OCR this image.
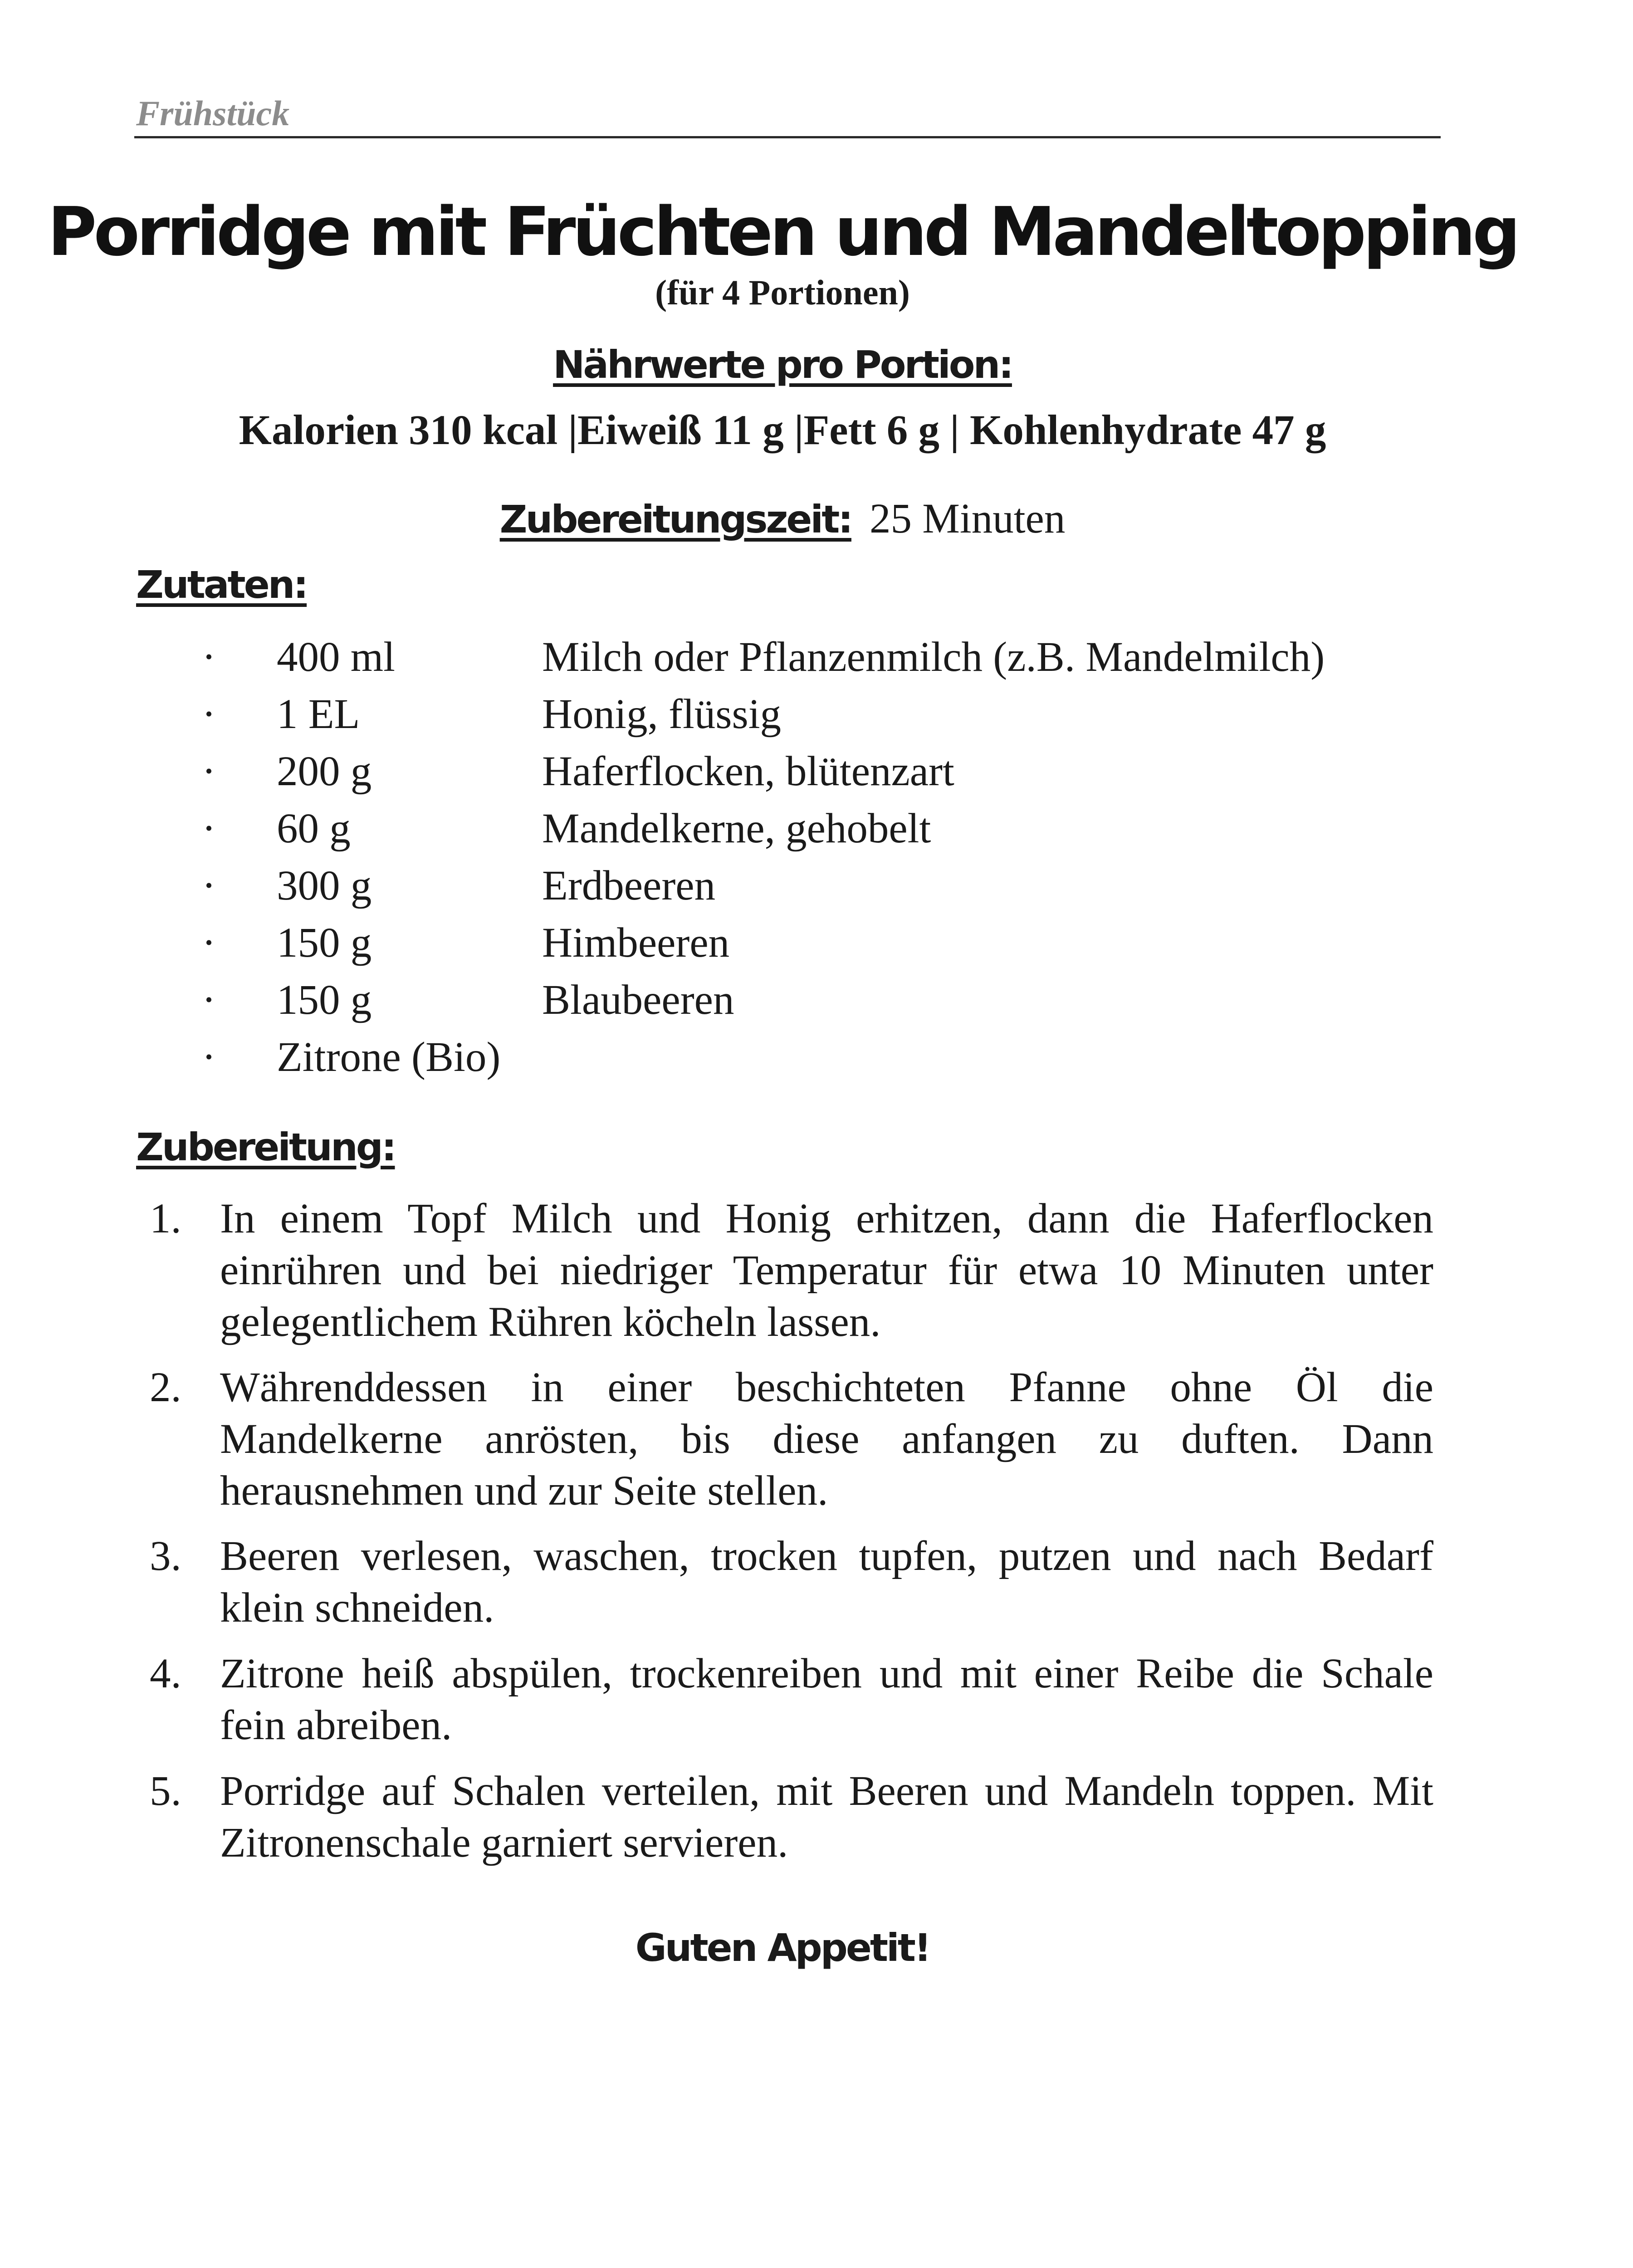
Frühstück
Porridge mit Früchten und Mandeltopping
(für 4 Portionen)
Nährwerte pro Portion:
Kalorien 310 kcal |Eiweiß 11 g |Fett 6 g | Kohlenhydrate 47 g
Zubereitungszeit: 25 Minuten
Zutaten:
· 400 ml	Milch oder Pflanzenmilch (z.B. Mandelmilch)
· 1 EL	Honig, flüssig
· 200 g	Haferflocken, blütenzart
· 60 g	Mandelkerne, gehobelt
· 300 g	Erdbeeren
· 150 g	Himbeeren
· 150 g	Blaubeeren
· Zitrone (Bio)
Zubereitung:
1. In einem Topf Milch und Honig erhitzen, dann die Haferflocken einrühren und bei niedriger Temperatur für etwa 10 Minuten unter gelegentlichem Rühren köcheln lassen.
2. Währenddessen in einer beschichteten Pfanne ohne Öl die Mandelkerne anrösten, bis diese anfangen zu duften. Dann herausnehmen und zur Seite stellen.
3. Beeren verlesen, waschen, trocken tupfen, putzen und nach Bedarf klein schneiden.
4. Zitrone heiß abspülen, trockenreiben und mit einer Reibe die Schale fein abreiben.
5. Porridge auf Schalen verteilen, mit Beeren und Mandeln toppen. Mit Zitronenschale garniert servieren.
Guten Appetit!
